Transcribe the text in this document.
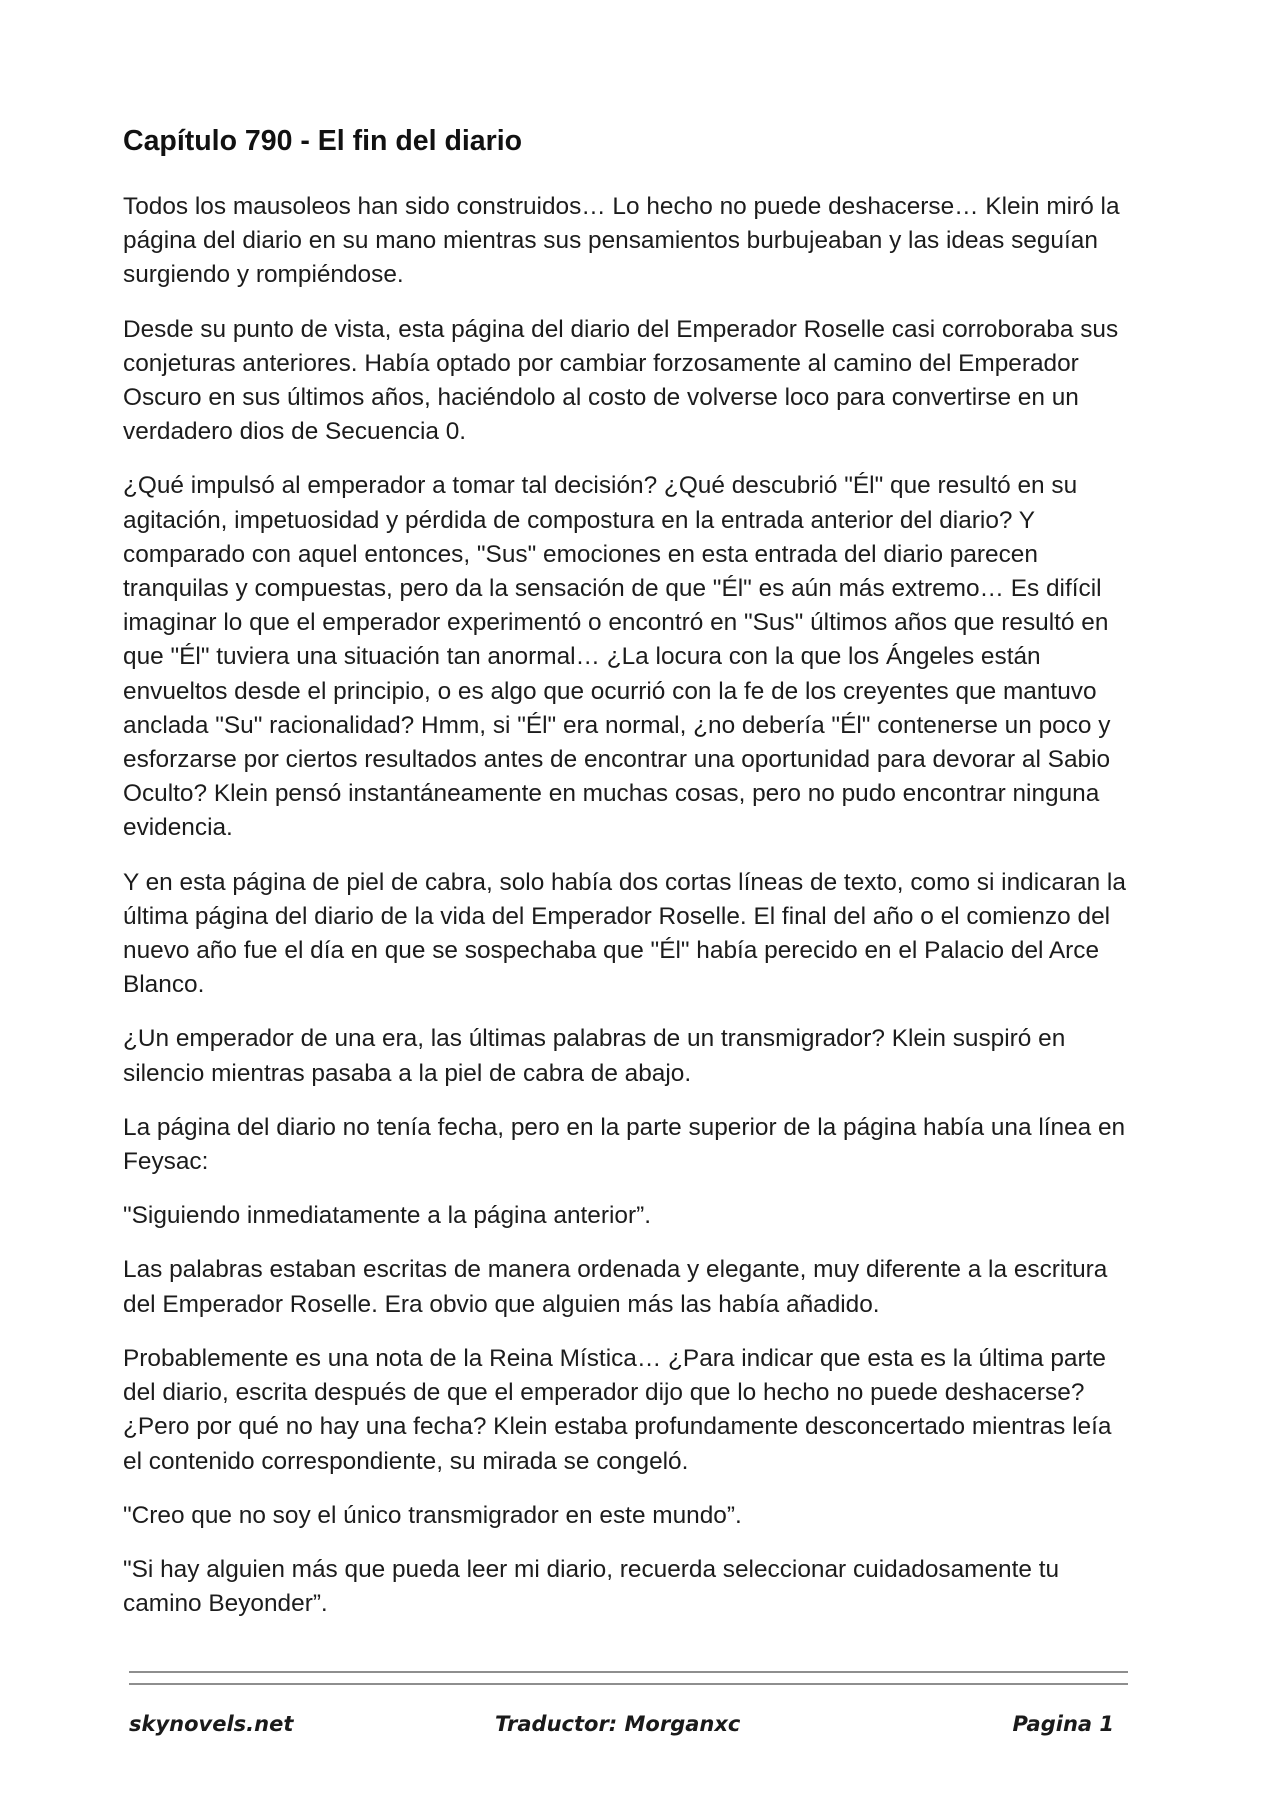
Capítulo 790 - El fin del diario

Todos los mausoleos han sido construidos… Lo hecho no puede deshacerse… Klein miró la página del diario en su mano mientras sus pensamientos burbujeaban y las ideas seguían surgiendo y rompiéndose.

Desde su punto de vista, esta página del diario del Emperador Roselle casi corroboraba sus conjeturas anteriores. Había optado por cambiar forzosamente al camino del Emperador Oscuro en sus últimos años, haciéndolo al costo de volverse loco para convertirse en un verdadero dios de Secuencia 0.

¿Qué impulsó al emperador a tomar tal decisión? ¿Qué descubrió "Él" que resultó en su agitación, impetuosidad y pérdida de compostura en la entrada anterior del diario? Y comparado con aquel entonces, "Sus" emociones en esta entrada del diario parecen tranquilas y compuestas, pero da la sensación de que "Él" es aún más extremo… Es difícil imaginar lo que el emperador experimentó o encontró en "Sus" últimos años que resultó en que "Él" tuviera una situación tan anormal… ¿La locura con la que los Ángeles están envueltos desde el principio, o es algo que ocurrió con la fe de los creyentes que mantuvo anclada "Su" racionalidad? Hmm, si "Él" era normal, ¿no debería "Él" contenerse un poco y esforzarse por ciertos resultados antes de encontrar una oportunidad para devorar al Sabio Oculto? Klein pensó instantáneamente en muchas cosas, pero no pudo encontrar ninguna evidencia.

Y en esta página de piel de cabra, solo había dos cortas líneas de texto, como si indicaran la última página del diario de la vida del Emperador Roselle. El final del año o el comienzo del nuevo año fue el día en que se sospechaba que "Él" había perecido en el Palacio del Arce Blanco.

¿Un emperador de una era, las últimas palabras de un transmigrador? Klein suspiró en silencio mientras pasaba a la piel de cabra de abajo.

La página del diario no tenía fecha, pero en la parte superior de la página había una línea en Feysac:

"Siguiendo inmediatamente a la página anterior”.

Las palabras estaban escritas de manera ordenada y elegante, muy diferente a la escritura del Emperador Roselle. Era obvio que alguien más las había añadido.

Probablemente es una nota de la Reina Mística… ¿Para indicar que esta es la última parte del diario, escrita después de que el emperador dijo que lo hecho no puede deshacerse? ¿Pero por qué no hay una fecha? Klein estaba profundamente desconcertado mientras leía el contenido correspondiente, su mirada se congeló.

"Creo que no soy el único transmigrador en este mundo”.

"Si hay alguien más que pueda leer mi diario, recuerda seleccionar cuidadosamente tu camino Beyonder”.

skynovels.net	Traductor: Morganxc	Pagina 1
